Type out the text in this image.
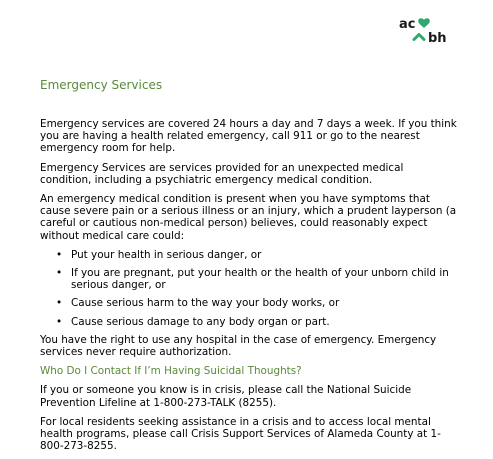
ac
bh
Emergency Services

Emergency services are covered 24 hours a day and 7 days a week. If you think you are having a health related emergency, call 911 or go to the nearest emergency room for help.

Emergency Services are services provided for an unexpected medical condition, including a psychiatric emergency medical condition.

An emergency medical condition is present when you have symptoms that cause severe pain or a serious illness or an injury, which a prudent layperson (a careful or cautious non-medical person) believes, could reasonably expect without medical care could:

• Put your health in serious danger, or
• If you are pregnant, put your health or the health of your unborn child in serious danger, or
• Cause serious harm to the way your body works, or
• Cause serious damage to any body organ or part.

You have the right to use any hospital in the case of emergency. Emergency services never require authorization.

Who Do I Contact If I’m Having Suicidal Thoughts?

If you or someone you know is in crisis, please call the National Suicide Prevention Lifeline at 1-800-273-TALK (8255).

For local residents seeking assistance in a crisis and to access local mental health programs, please call Crisis Support Services of Alameda County at 1-800-273-8255.
